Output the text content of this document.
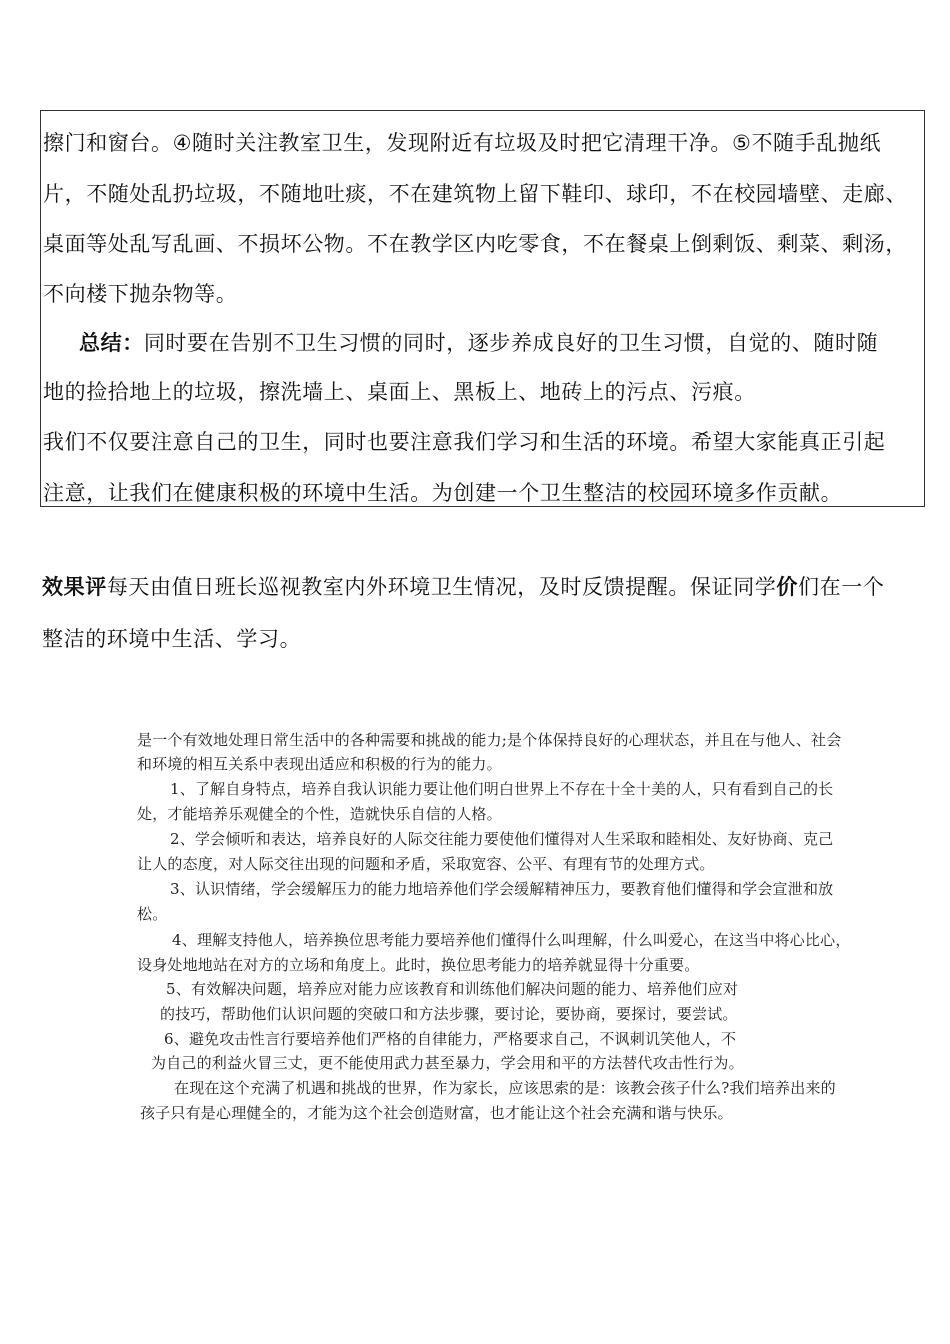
擦门和窗台。④随时关注教室卫生，发现附近有垃圾及时把它清理干净。⑤不随手乱抛纸
片，不随处乱扔垃圾，不随地吐痰，不在建筑物上留下鞋印、球印，不在校园墙壁、走廊、
桌面等处乱写乱画、不损坏公物。不在教学区内吃零食，不在餐桌上倒剩饭、剩菜、剩汤，
不向楼下抛杂物等。
总结：同时要在告别不卫生习惯的同时，逐步养成良好的卫生习惯，自觉的、随时随
地的捡拾地上的垃圾，擦洗墙上、桌面上、黑板上、地砖上的污点、污痕。
我们不仅要注意自己的卫生，同时也要注意我们学习和生活的环境。希望大家能真正引起
注意，让我们在健康积极的环境中生活。为创建一个卫生整洁的校园环境多作贡献。
效果评每天由值日班长巡视教室内外环境卫生情况，及时反馈提醒。保证同学价们在一个
整洁的环境中生活、学习。
是一个有效地处理日常生活中的各种需要和挑战的能力;是个体保持良好的心理状态，并且在与他人、社会
和环境的相互关系中表现出适应和积极的行为的能力。
1、了解自身特点，培养自我认识能力要让他们明白世界上不存在十全十美的人，只有看到自己的长
处，才能培养乐观健全的个性，造就快乐自信的人格。
2、学会倾听和表达，培养良好的人际交往能力要使他们懂得对人生采取和睦相处、友好协商、克己
让人的态度，对人际交往出现的问题和矛盾，采取宽容、公平、有理有节的处理方式。
3、认识情绪，学会缓解压力的能力地培养他们学会缓解精神压力，要教育他们懂得和学会宣泄和放
松。
4、理解支持他人，培养换位思考能力要培养他们懂得什么叫理解，什么叫爱心，在这当中将心比心，
设身处地地站在对方的立场和角度上。此时，换位思考能力的培养就显得十分重要。
5、有效解决问题，培养应对能力应该教育和训练他们解决问题的能力、培养他们应对
的技巧，帮助他们认识问题的突破口和方法步骤，要讨论，要协商，要探讨，要尝试。
6、避免攻击性言行要培养他们严格的自律能力，严格要求自己，不讽刺讥笑他人，不
为自己的利益火冒三丈，更不能使用武力甚至暴力，学会用和平的方法替代攻击性行为。
在现在这个充满了机遇和挑战的世界，作为家长，应该思索的是：该教会孩子什么?我们培养出来的
孩子只有是心理健全的，才能为这个社会创造财富，也才能让这个社会充满和谐与快乐。
